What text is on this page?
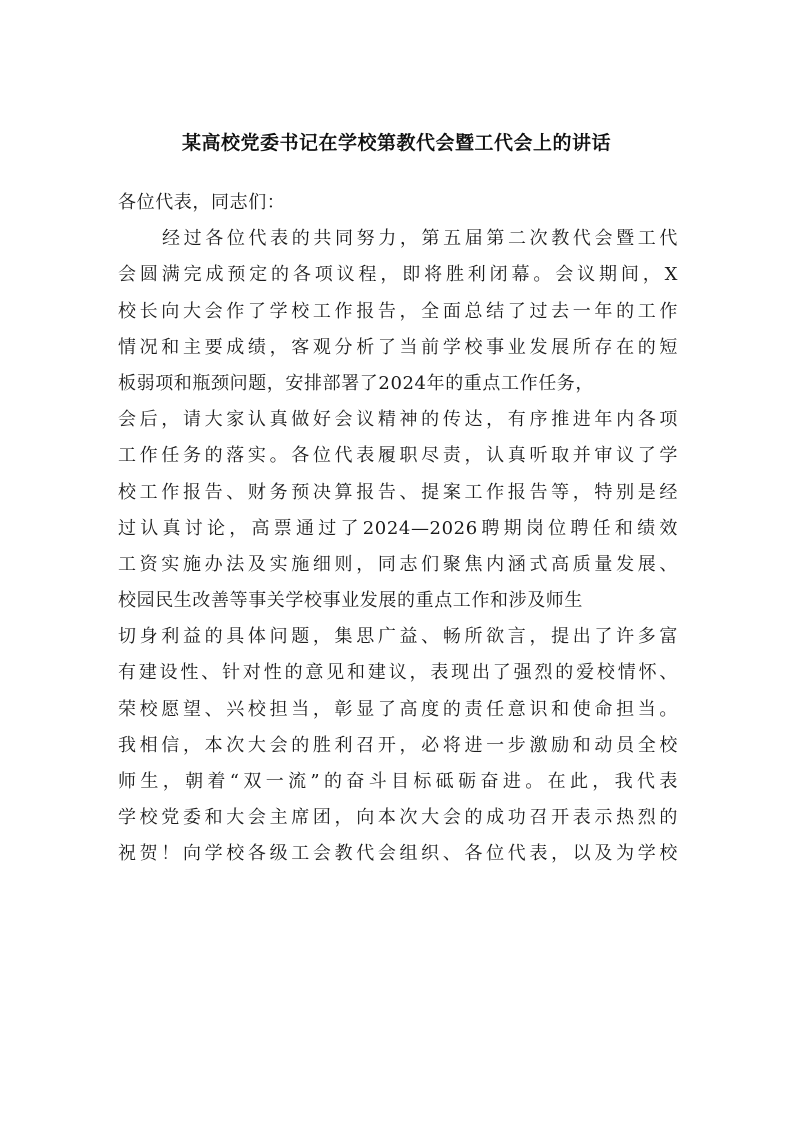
某高校党委书记在学校第教代会暨工代会上的讲话
各位代表，同志们：
经过各位代表的共同努力，第五届第二次教代会暨工代
会圆满完成预定的各项议程，即将胜利闭幕。会议期间，X
校长向大会作了学校工作报告，全面总结了过去一年的工作
情况和主要成绩，客观分析了当前学校事业发展所存在的短
板弱项和瓶颈问题，安排部署了2024年的重点工作任务，
会后，请大家认真做好会议精神的传达，有序推进年内各项
工作任务的落实。各位代表履职尽责，认真听取并审议了学
校工作报告、财务预决算报告、提案工作报告等，特别是经
过认真讨论，高票通过了2024—2026聘期岗位聘任和绩效
工资实施办法及实施细则，同志们聚焦内涵式高质量发展、
校园民生改善等事关学校事业发展的重点工作和涉及师生
切身利益的具体问题，集思广益、畅所欲言，提出了许多富
有建设性、针对性的意见和建议，表现出了强烈的爱校情怀、
荣校愿望、兴校担当，彰显了高度的责任意识和使命担当。
我相信，本次大会的胜利召开，必将进一步激励和动员全校
师生，朝着“双一流”的奋斗目标砥砺奋进。在此，我代表
学校党委和大会主席团，向本次大会的成功召开表示热烈的
祝贺！向学校各级工会教代会组织、各位代表，以及为学校
